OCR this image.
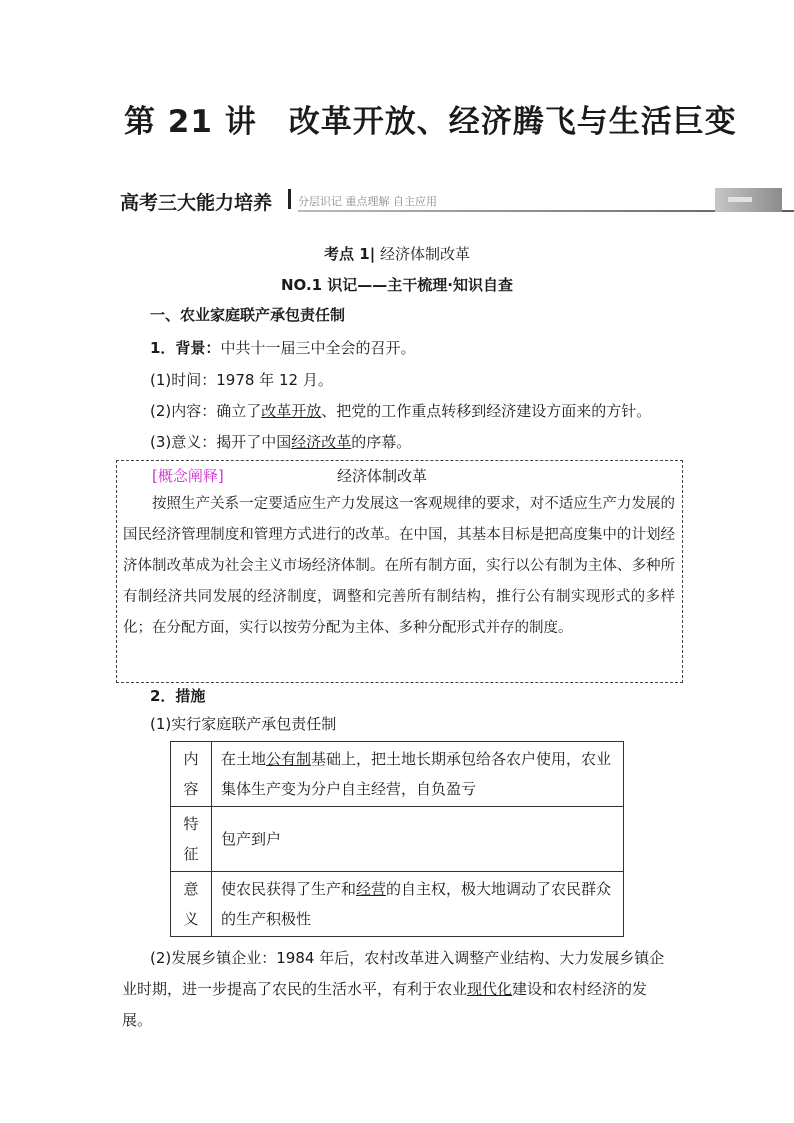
第 21 讲　改革开放、经济腾飞与生活巨变
高考三大能力培养 分层识记 重点理解 自主应用
考点 1| 经济体制改革
NO.1 识记——主干梳理·知识自查
一、农业家庭联产承包责任制
1．背景：中共十一届三中全会的召开。
(1)时间：1978 年 12 月。
(2)内容：确立了改革开放、把党的工作重点转移到经济建设方面来的方针。
(3)意义：揭开了中国经济改革的序幕。
[概念阐释]	经济体制改革
按照生产关系一定要适应生产力发展这一客观规律的要求，对不适应生产力发展的国民经济管理制度和管理方式进行的改革。在中国，其基本目标是把高度集中的计划经济体制改革成为社会主义市场经济体制。在所有制方面，实行以公有制为主体、多种所有制经济共同发展的经济制度，调整和完善所有制结构，推行公有制实现形式的多样化；在分配方面，实行以按劳分配为主体、多种分配形式并存的制度。
2．措施
(1)实行家庭联产承包责任制
内
容	在土地公有制基础上，把土地长期承包给各农户使用，农业集体生产变为分户自主经营，自负盈亏

特
征	包产到户

意
义	使农民获得了生产和经营的自主权，极大地调动了农民群众的生产积极性
(2)发展乡镇企业：1984 年后，农村改革进入调整产业结构、大力发展乡镇企业时期，进一步提高了农民的生活水平，有利于农业现代化建设和农村经济的发展。
